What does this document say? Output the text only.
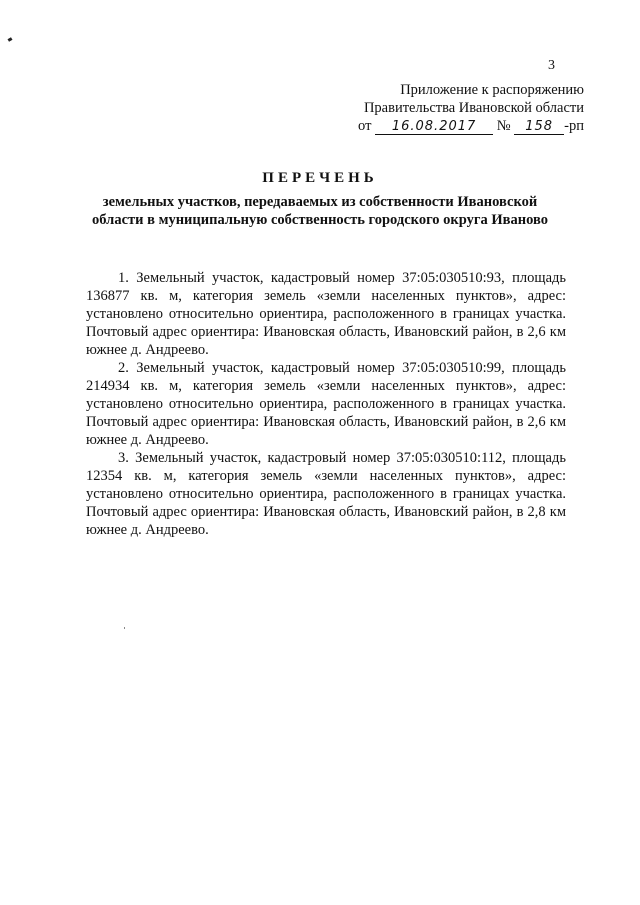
3
Приложение к распоряжению
Правительства Ивановской области
от 16.08.2017 № 158 -рп
ПЕРЕЧЕНЬ
земельных участков, передаваемых из собственности Ивановской области в муниципальную собственность городского округа Иваново

1. Земельный участок, кадастровый номер 37:05:030510:93, площадь 136877 кв. м, категория земель «земли населенных пунктов», адрес: установлено относительно ориентира, расположенного в границах участка. Почтовый адрес ориентира: Ивановская область, Ивановский район, в 2,6 км южнее д. Андреево.

2. Земельный участок, кадастровый номер 37:05:030510:99, площадь 214934 кв. м, категория земель «земли населенных пунктов», адрес: установлено относительно ориентира, расположенного в границах участка. Почтовый адрес ориентира: Ивановская область, Ивановский район, в 2,6 км южнее д. Андреево.

3. Земельный участок, кадастровый номер 37:05:030510:112, площадь 12354 кв. м, категория земель «земли населенных пунктов», адрес: установлено относительно ориентира, расположенного в границах участка. Почтовый адрес ориентира: Ивановская область, Ивановский район, в 2,8 км южнее д. Андреево.
